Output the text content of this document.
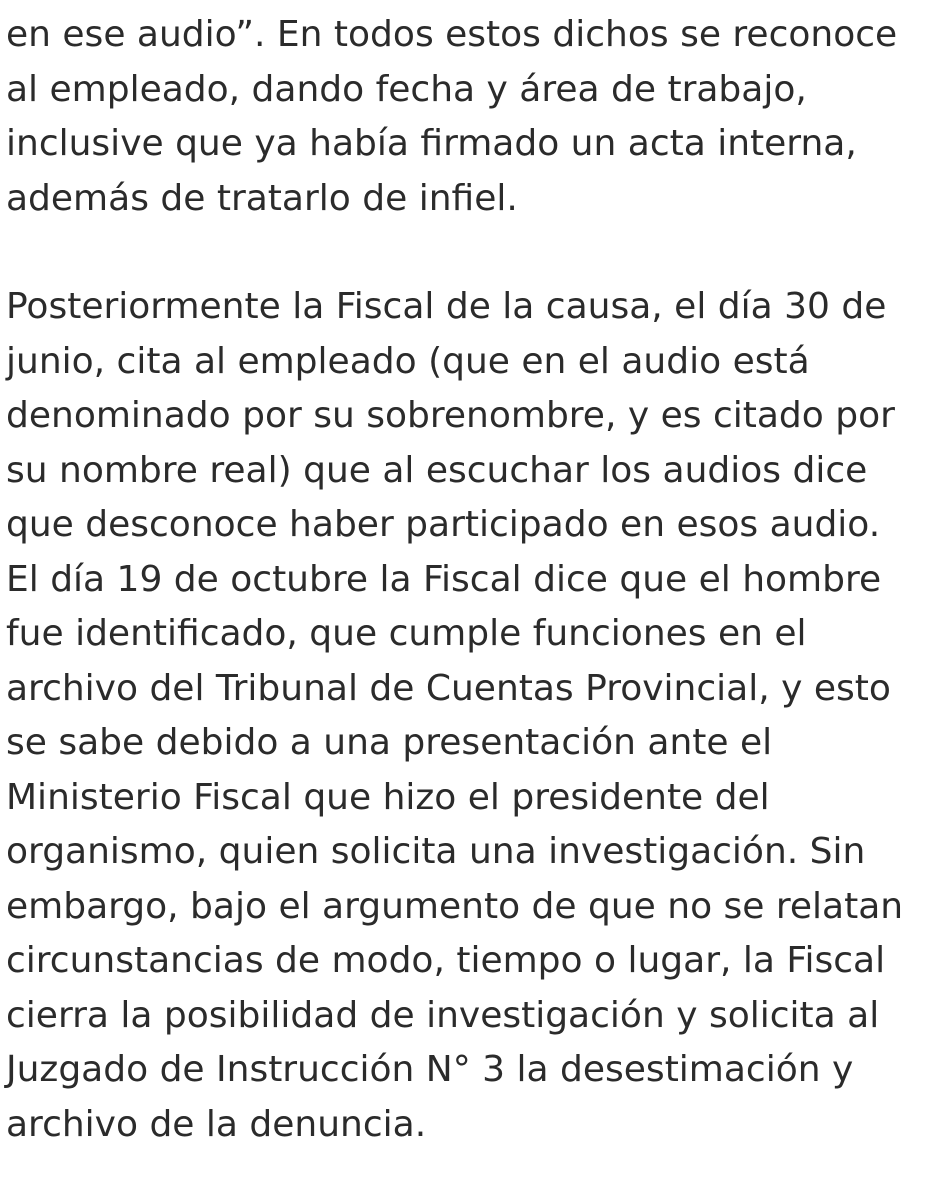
en ese audio”. En todos estos dichos se reconoce
al empleado, dando fecha y área de trabajo,
inclusive que ya había firmado un acta interna,
además de tratarlo de infiel.

Posteriormente la Fiscal de la causa, el día 30 de
junio, cita al empleado (que en el audio está
denominado por su sobrenombre, y es citado por
su nombre real) que al escuchar los audios dice
que desconoce haber participado en esos audio.
El día 19 de octubre la Fiscal dice que el hombre
fue identificado, que cumple funciones en el
archivo del Tribunal de Cuentas Provincial, y esto
se sabe debido a una presentación ante el
Ministerio Fiscal que hizo el presidente del
organismo, quien solicita una investigación. Sin
embargo, bajo el argumento de que no se relatan
circunstancias de modo, tiempo o lugar, la Fiscal
cierra la posibilidad de investigación y solicita al
Juzgado de Instrucción N° 3 la desestimación y
archivo de la denuncia.
